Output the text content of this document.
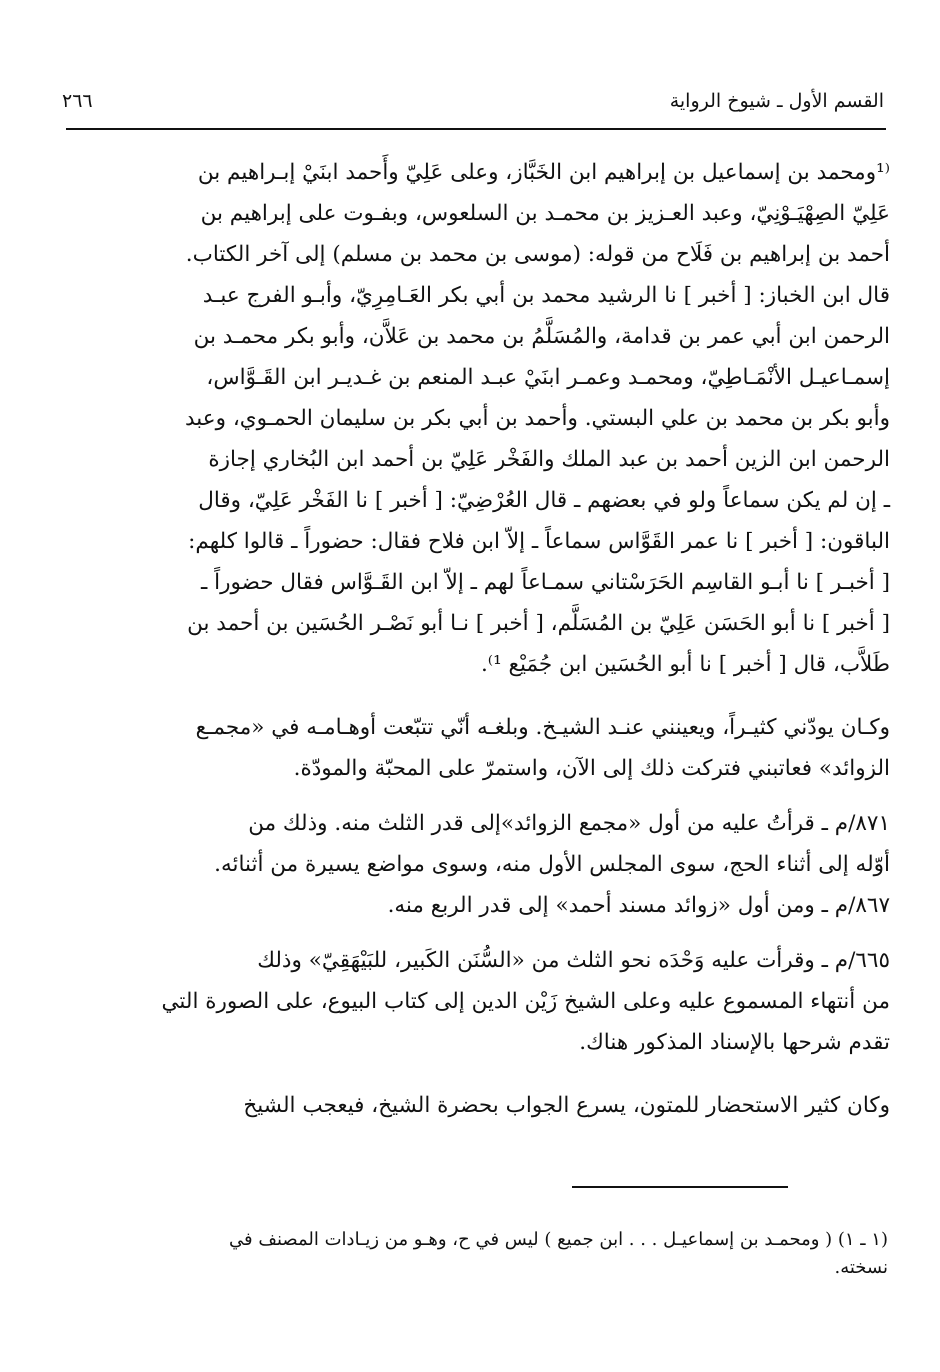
القسم الأول ـ شيوخ الرواية
٢٦٦

⁽¹ومحمد بن إسماعيل بن إبراهيم ابن الخَبَّاز، وعلى عَلِيّ وأَحمد ابنَيْ إبـراهيم بن

عَلِيّ الصِهْيَـوْنِيّ، وعبد العـزيز بن محمـد بن السلعوس، وبفـوت على إبراهيم بن

أحمد بن إبراهيم بن فَلَاح من قوله: (موسى بن محمد بن مسلم) إلى آخر الكتاب.

قال ابن الخباز: [ أخبر ] نا الرشيد محمد بن أبي بكر العَـامِرِيّ، وأبـو الفرج عبـد

الرحمن ابن أبي عمر بن قدامة، والمُسَلَّمُ بن محمد بن عَلاَّن، وأبو بكر محمـد بن

إسمـاعيـل الأنْمَـاطِيّ، ومحمـد وعمـر ابنَيْ عبـد المنعم بن غـديـر ابن القَـوَّاس،

وأبو بكر بن محمد بن علي البستي. وأحمد بن أبي بكر بن سليمان الحمـوي، وعبد

الرحمن ابن الزين أحمد بن عبد الملك والفَخْر عَلِيّ بن أحمد ابن البُخاري إجازة

ـ إن لم يكن سماعاً ولو في بعضهم ـ قال العُرْضِيّ: [ أخبر ] نا الفَخْر عَلِيّ، وقال

الباقون: [ أخبر ] نا عمر القَوَّاس سماعاً ـ إلاّ ابن فلاح فقال: حضوراً ـ قالوا كلهم:

[ أخبـر ] نا أبـو القاسِم الحَرَسْتاني سمـاعاً لهم ـ إلاّ ابن القَـوَّاس فقال حضوراً ـ

[ أخبر ] نا أبو الحَسَن عَلِيّ بن المُسَلَّم، [ أخبر ] نـا أبو نَصْـر الحُسَين بن أحمد بن

طَلاَّب، قال [ أخبر ] نا أبو الحُسَين ابن جُمَيْع ¹⁾.

وكـان يودّني كثيـراً، ويعينني عنـد الشيـخ. وبلغـه أنّي تتبّعت أوهـامـه في «مجمـع

الزوائد» فعاتبني فتركت ذلك إلى الآن، واستمرّ على المحبّة والمودّة.

٨٧١/م ـ قرأتُ عليه من أول «مجمع الزوائد»إلى قدر الثلث منه. وذلك من

أوّله إلى أثناء الحج، سوى المجلس الأول منه، وسوى مواضع يسيرة من أثنائه.

٨٦٧/م ـ ومن أول «زوائد مسند أحمد» إلى قدر الربع منه.

٦٦٥/م ـ وقرأت عليه وَحْدَه نحو الثلث من «السُّنَن الكَبير، للبَيْهَقِيّ» وذلك

من أنتهاء المسموع عليه وعلى الشيخ زَيْن الدين إلى كتاب البيوع، على الصورة التي

تقدم شرحها بالإسناد المذكور هناك.

وكان كثير الاستحضار للمتون، يسرع الجواب بحضرة الشيخ، فيعجب الشيخ

(١ ـ ١) ( ومحمـد بن إسماعيـل . . . ابن جميع ) ليس في ح، وهـو من زيـادات المصنف في

نسخته.
